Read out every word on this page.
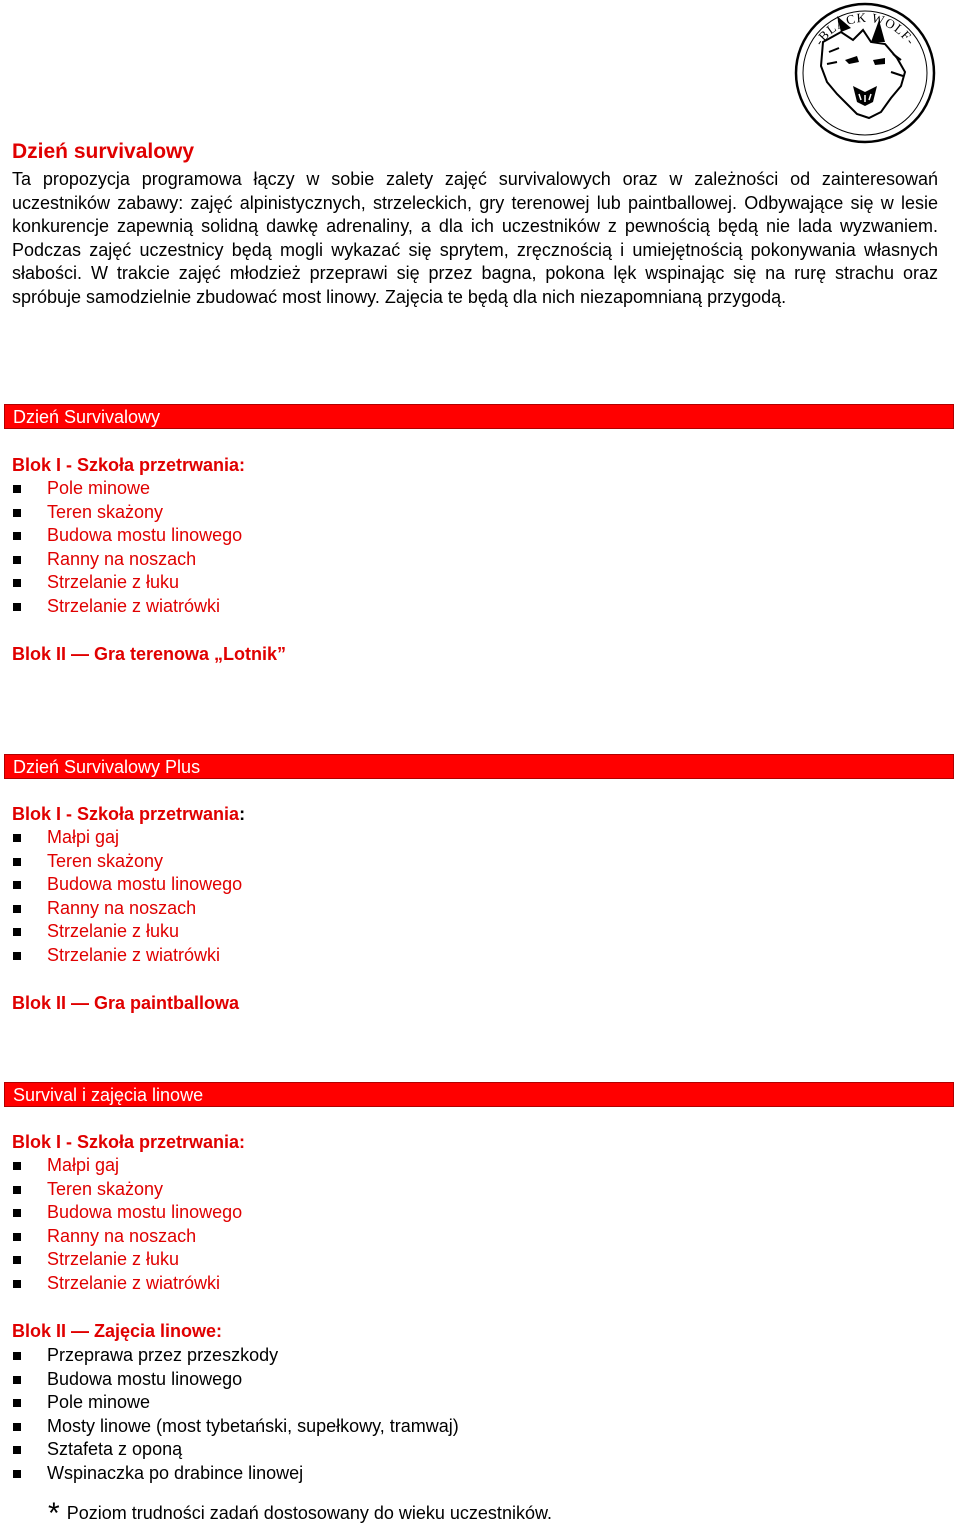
-BLACK WOLF-
Dzień survivalowy
Ta propozycja programowa łączy w sobie zalety zajęć survivalowych oraz w zależności od zainteresowań uczestników zabawy: zajęć alpinistycznych, strzeleckich, gry terenowej lub paintballowej. Odbywające się w lesie konkurencje zapewnią solidną dawkę adrenaliny, a dla ich uczestników z pewnością będą nie lada wyzwaniem. Podczas zajęć uczestnicy będą mogli wykazać się sprytem, zręcznością i umiejętnością pokonywania własnych słabości. W trakcie zajęć młodzież przeprawi się przez bagna, pokona lęk wspinając się na rurę strachu oraz spróbuje samodzielnie zbudować most linowy. Zajęcia te będą dla nich niezapomnianą przygodą.
Dzień Survivalowy
Blok I - Szkoła przetrwania:
Pole minowe
Teren skażony
Budowa mostu linowego
Ranny na noszach
Strzelanie z łuku
Strzelanie z wiatrówki
Blok II — Gra terenowa „Lotnik”
Dzień Survivalowy Plus
Blok I - Szkoła przetrwania:
Małpi gaj
Teren skażony
Budowa mostu linowego
Ranny na noszach
Strzelanie z łuku
Strzelanie z wiatrówki
Blok II — Gra paintballowa
Survival i zajęcia linowe
Blok I - Szkoła przetrwania:
Małpi gaj
Teren skażony
Budowa mostu linowego
Ranny na noszach
Strzelanie z łuku
Strzelanie z wiatrówki
Blok II — Zajęcia linowe:
Przeprawa przez przeszkody
Budowa mostu linowego
Pole minowe
Mosty linowe (most tybetański, supełkowy, tramwaj)
Sztafeta z oponą
Wspinaczka po drabince linowej
* Poziom trudności zadań dostosowany do wieku uczestników.
